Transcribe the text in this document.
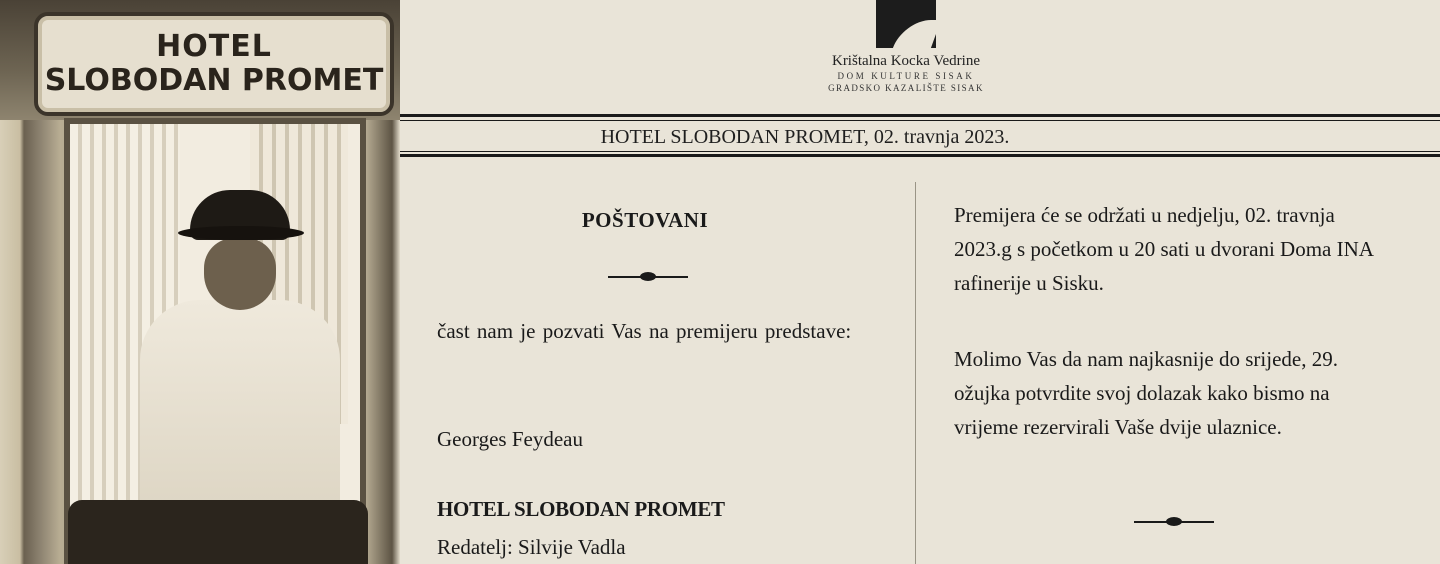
HOTEL
SLOBODAN PROMET
Krištalna Kocka Vedrine
DOM KULTURE SISAK
GRADSKO KAZALIŠTE SISAK
HOTEL SLOBODAN PROMET, 02. travnja 2023.
POŠTOVANI
čast nam je pozvati Vas na premijeru predstave:
Georges Feydeau
HOTEL SLOBODAN PROMET
Redatelj: Silvije Vadla
Premijera će se održati u nedjelju, 02. travnja 2023.g s početkom u 20 sati u dvorani Doma INA rafinerije u Sisku.
Molimo Vas da nam najkasnije do srijede, 29. ožujka potvrdite svoj dolazak kako bismo na vrijeme rezervirali Vaše dvije ulaznice.
